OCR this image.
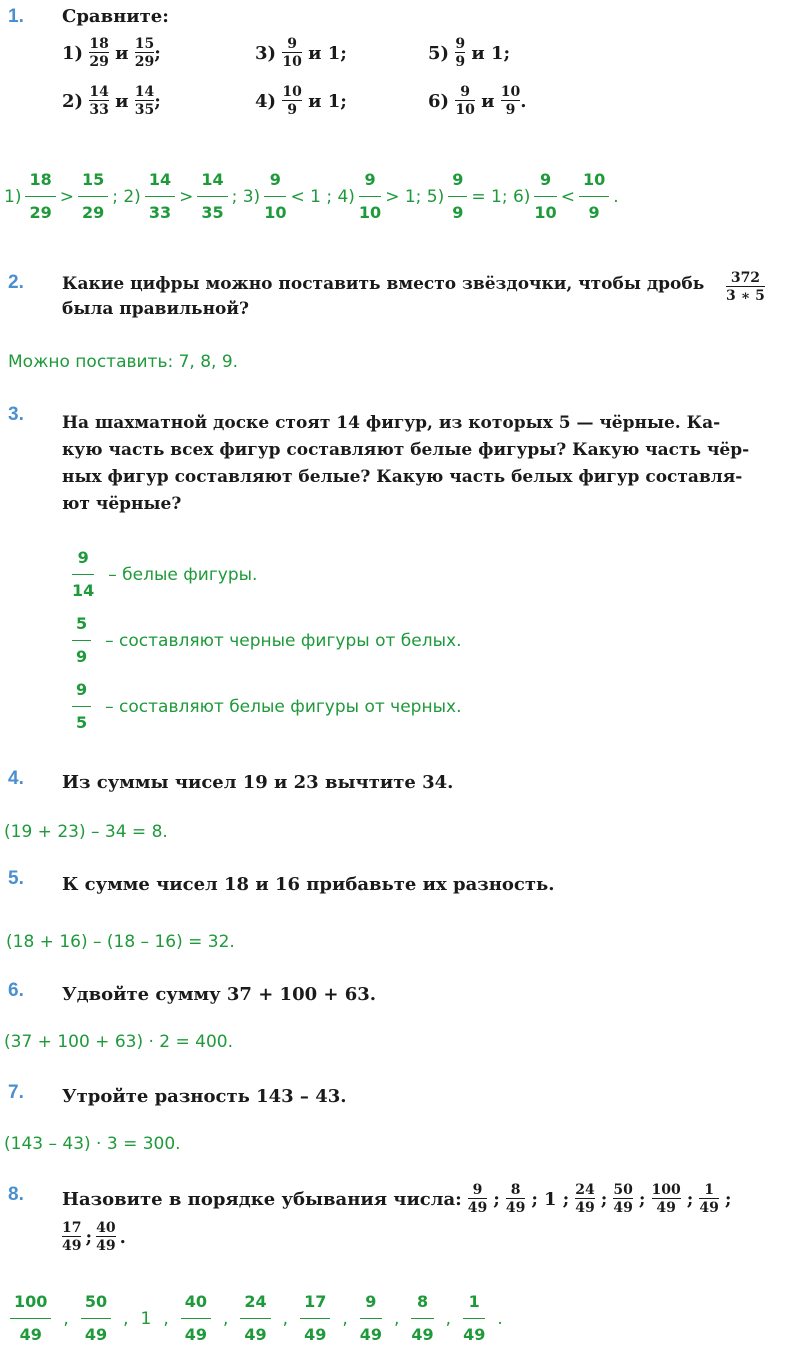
1. Сравните:
1)
$\frac{18}{29}$
и
$\frac{15}{29}$ ;	3)
$\frac{9}{10}$
и 1;	5)
$\frac{9}{9}$
и 1;
2)
$\frac{14}{33}$
и
$\frac{14}{35}$ ;	4)
$\frac{10}{9}$
и 1;	6)
$\frac{9}{10}$
и
$\frac{10}{9}$ .
$1) \frac{18}{29} > \frac{15}{29}$ ; $2) \frac{14}{33} > \frac{14}{35}$ ; $3) \frac{9}{10} < 1$ ; $4) \frac{9}{10} > 1$; $5) \frac{9}{9} = 1$; $6) \frac{9}{10} < \frac{10}{9}$ .
2. Какие цифры можно поставить вместо звёздочки, чтобы дробь
была правильной?
$\frac{372}{3 ∗ 5}$
Можно поставить: 7, 8, 9.
3. На шахматной доске стоят 14 фигур, из которых 5 — чёрные. Ка-
кую часть всех фигур составляют белые фигуры? Какую часть чёр-
ных фигур составляют белые? Какую часть белых фигур составля-
ют чёрные?
$\frac{9}{14}$ – белые фигуры.
$\frac{5}{9}$ – составляют черные фигуры от белых.
$\frac{9}{5}$ – составляют белые фигуры от черных.
4. Из суммы чисел 19 и 23 вычтите 34.
(19 + 23) – 34 = 8.
5. К сумме чисел 18 и 16 прибавьте их разность.
(18 + 16) – (18 – 16) = 32.
6. Удвойте сумму 37 + 100 + 63.
(37 + 100 + 63) · 2 = 400.
7. Утройте разность 143 – 43.
(143 – 43) · 3 = 300.
8. Назовите в порядке убывания числа: $\frac{9}{49}$ ; $\frac{8}{49}$ ; 1 ; $\frac{24}{49}$ ; $\frac{50}{49}$ ; $\frac{100}{49}$ ; $\frac{1}{49}$ ;
$\frac{17}{49}$ ; $\frac{40}{49}$ .
$\frac{100}{49}$ , $\frac{50}{49}$ , 1 , $\frac{40}{49}$ , $\frac{24}{49}$ , $\frac{17}{49}$ , $\frac{9}{49}$ , $\frac{8}{49}$ , $\frac{1}{49}$ .
